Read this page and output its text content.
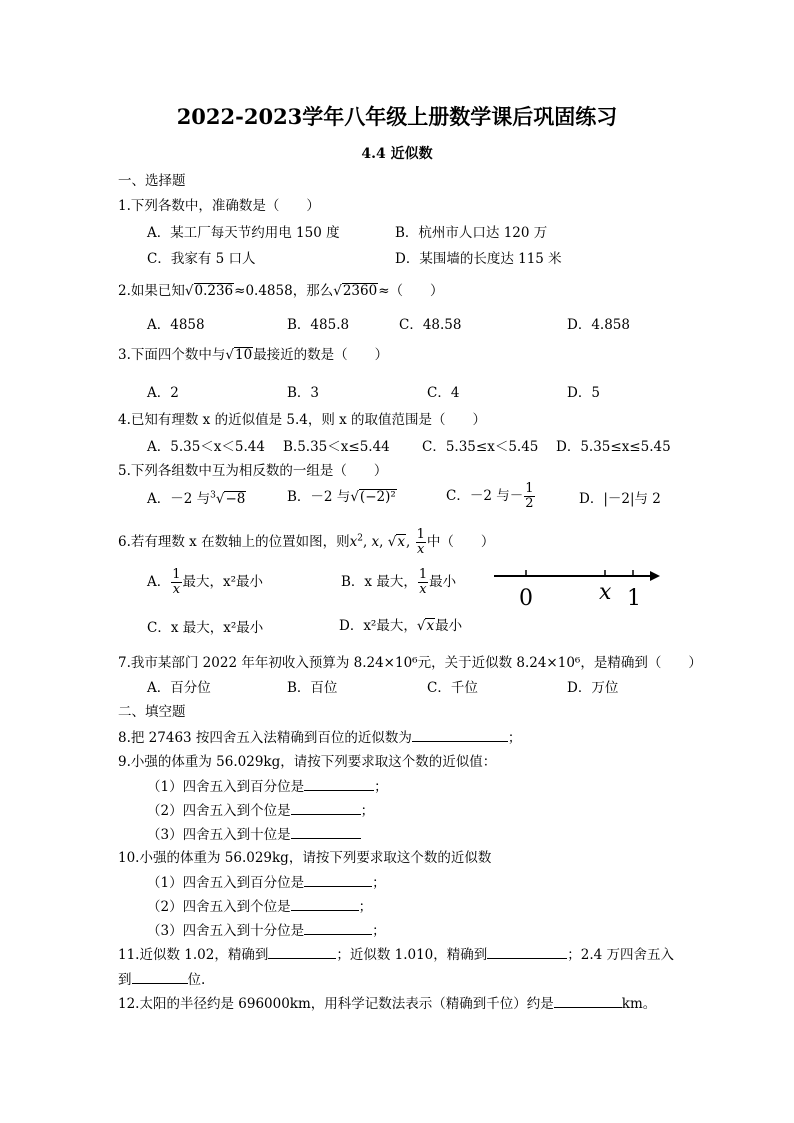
2022-2023学年八年级上册数学课后巩固练习
4.4 近似数
一、选择题
1.下列各数中，准确数是（　　）
A．某工厂每天节约用电 150 度	B．杭州市人口达 120 万
C．我家有 5 口人	D．某围墙的长度达 115 米
2.如果已知√0.236≈0.4858，那么√2360≈（　　）
A．4858	B．485.8	C．48.58	D．4.858
3.下面四个数中与√10最接近的数是（　　）
A．2	B．3	C．4	D．5
4.已知有理数 x 的近似值是 5.4，则 x 的取值范围是（　　）
A．5.35＜x＜5.44 B.5.35＜x≤5.44 C．5.35≤x＜5.45 D．5.35≤x≤5.45
5.下列各组数中互为相反数的一组是（　　）
A．－2 与$^3$√−8	B．－2 与√(−2)²	C．－2 与－ $\frac{1}{2}$	D．|－2|与 2
6.若有理数 x 在数轴上的位置如图，则$x^2$, x, √x, $\frac{1}{x}$ 中（　　）
A． $\frac{1}{x}$ 最大，x²最小	B．x 最大， $\frac{1}{x}$ 最小
C．x 最大，x²最小	D．x²最大，√x最小
0	x 1
7.我市某部门 2022 年年初收入预算为 8.24×10⁶元，关于近似数 8.24×10⁶，是精确到（　　）
A．百分位	B．百位	C．千位	D．万位
二、填空题
8.把 27463 按四舍五入法精确到百位的近似数为	；
9.小强的体重为 56.029kg，请按下列要求取这个数的近似值：
（1）四舍五入到百分位是	；
（2）四舍五入到个位是	；
（3）四舍五入到十位是
10.小强的体重为 56.029kg，请按下列要求取这个数的近似数
（1）四舍五入到百分位是	；
（2）四舍五入到个位是	；
（3）四舍五入到十分位是	；
11.近似数 1.02，精确到	；近似数 1.010，精确到	；2.4 万四舍五入
到	位.
12.太阳的半径约是 696000km，用科学记数法表示（精确到千位）约是	km。
